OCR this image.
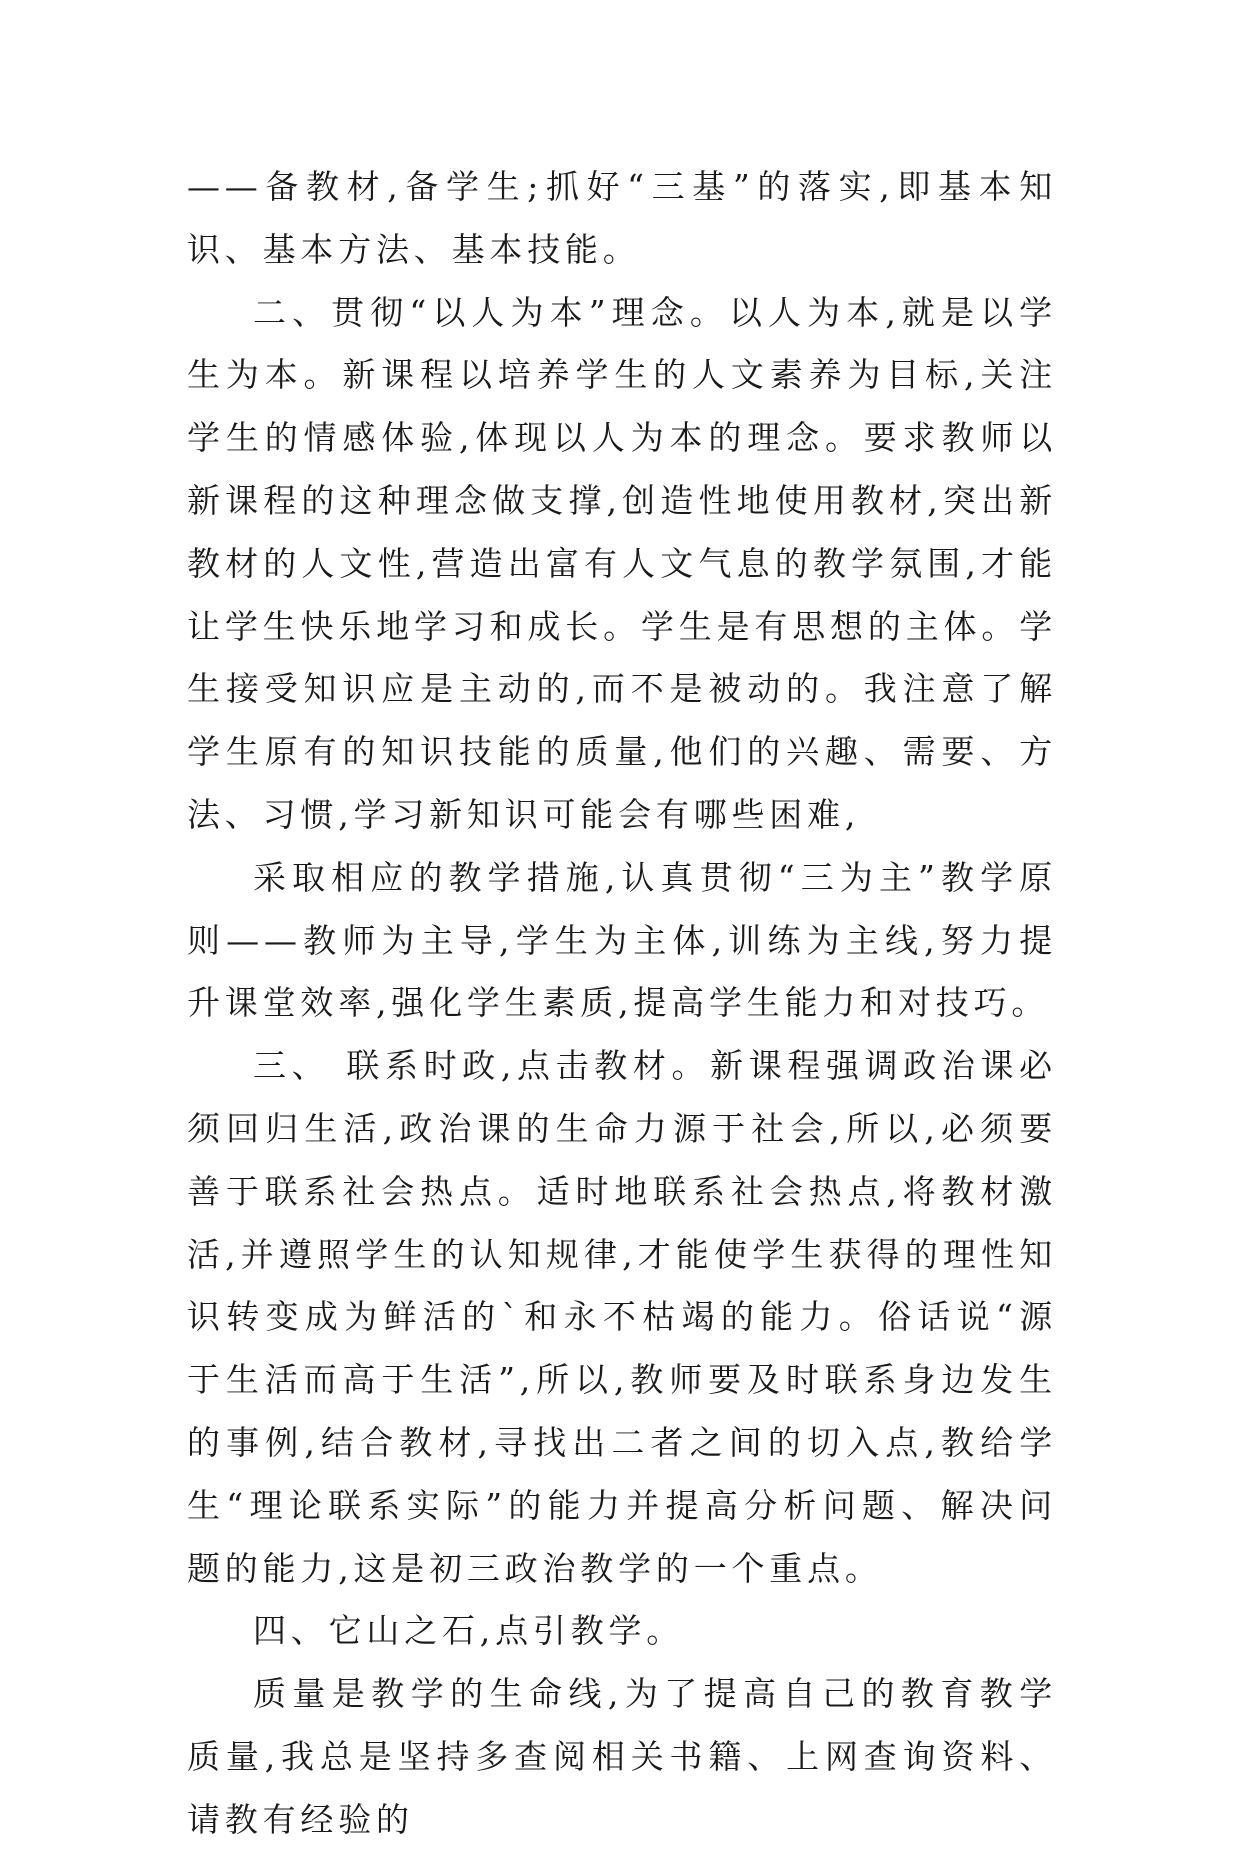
——备教材,备学生;抓好“三基”的落实,即基本知识、基本方法、基本技能。

二、贯彻“以人为本”理念。以人为本,就是以学生为本。新课程以培养学生的人文素养为目标,关注学生的情感体验,体现以人为本的理念。要求教师以新课程的这种理念做支撑,创造性地使用教材,突出新教材的人文性,营造出富有人文气息的教学氛围,才能让学生快乐地学习和成长。学生是有思想的主体。学生接受知识应是主动的,而不是被动的。我注意了解学生原有的知识技能的质量,他们的兴趣、需要、方法、习惯,学习新知识可能会有哪些困难,

采取相应的教学措施,认真贯彻“三为主”教学原则——教师为主导,学生为主体,训练为主线,努力提升课堂效率,强化学生素质,提高学生能力和对技巧。

三、 联系时政,点击教材。新课程强调政治课必须回归生活,政治课的生命力源于社会,所以,必须要善于联系社会热点。适时地联系社会热点,将教材激活,并遵照学生的认知规律,才能使学生获得的理性知识转变成为鲜活的`和永不枯竭的能力。俗话说“源于生活而高于生活”,所以,教师要及时联系身边发生的事例,结合教材,寻找出二者之间的切入点,教给学生“理论联系实际”的能力并提高分析问题、解决问题的能力,这是初三政治教学的一个重点。

四、它山之石,点引教学。

质量是教学的生命线,为了提高自己的教育教学质量,我总是坚持多查阅相关书籍、上网查询资料、请教有经验的
